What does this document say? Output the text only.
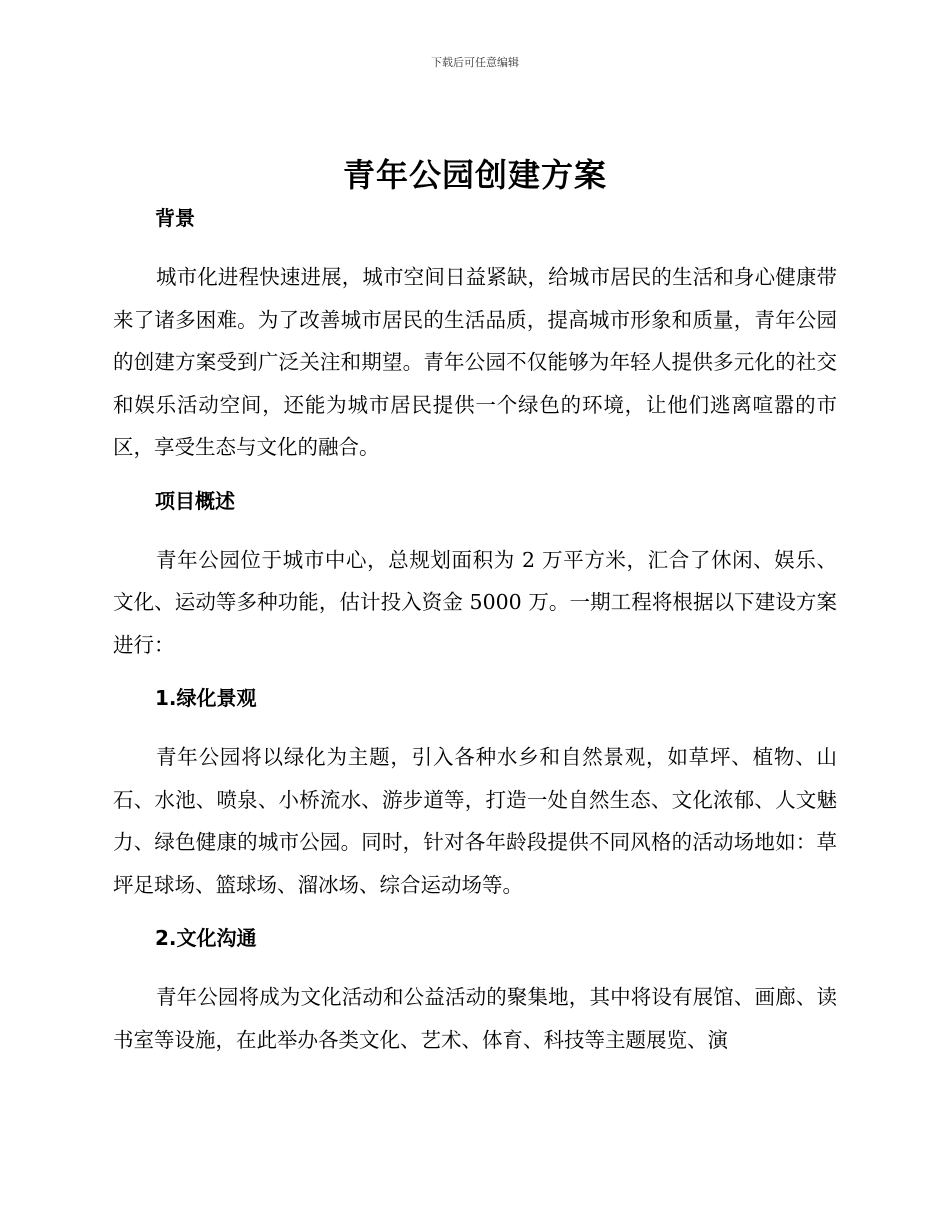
下载后可任意编辑
青年公园创建方案
背景

城市化进程快速进展，城市空间日益紧缺，给城市居民的生活和身心健康带来了诸多困难。为了改善城市居民的生活品质，提高城市形象和质量，青年公园的创建方案受到广泛关注和期望。青年公园不仅能够为年轻人提供多元化的社交和娱乐活动空间，还能为城市居民提供一个绿色的环境，让他们逃离喧嚣的市区，享受生态与文化的融合。

项目概述

青年公园位于城市中心，总规划面积为 2 万平方米，汇合了休闲、娱乐、文化、运动等多种功能，估计投入资金 5000 万。一期工程将根据以下建设方案进行：

1.绿化景观

青年公园将以绿化为主题，引入各种水乡和自然景观，如草坪、植物、山石、水池、喷泉、小桥流水、游步道等，打造一处自然生态、文化浓郁、人文魅力、绿色健康的城市公园。同时，针对各年龄段提供不同风格的活动场地如：草坪足球场、篮球场、溜冰场、综合运动场等。

2.文化沟通

青年公园将成为文化活动和公益活动的聚集地，其中将设有展馆、画廊、读书室等设施，在此举办各类文化、艺术、体育、科技等主题展览、演
